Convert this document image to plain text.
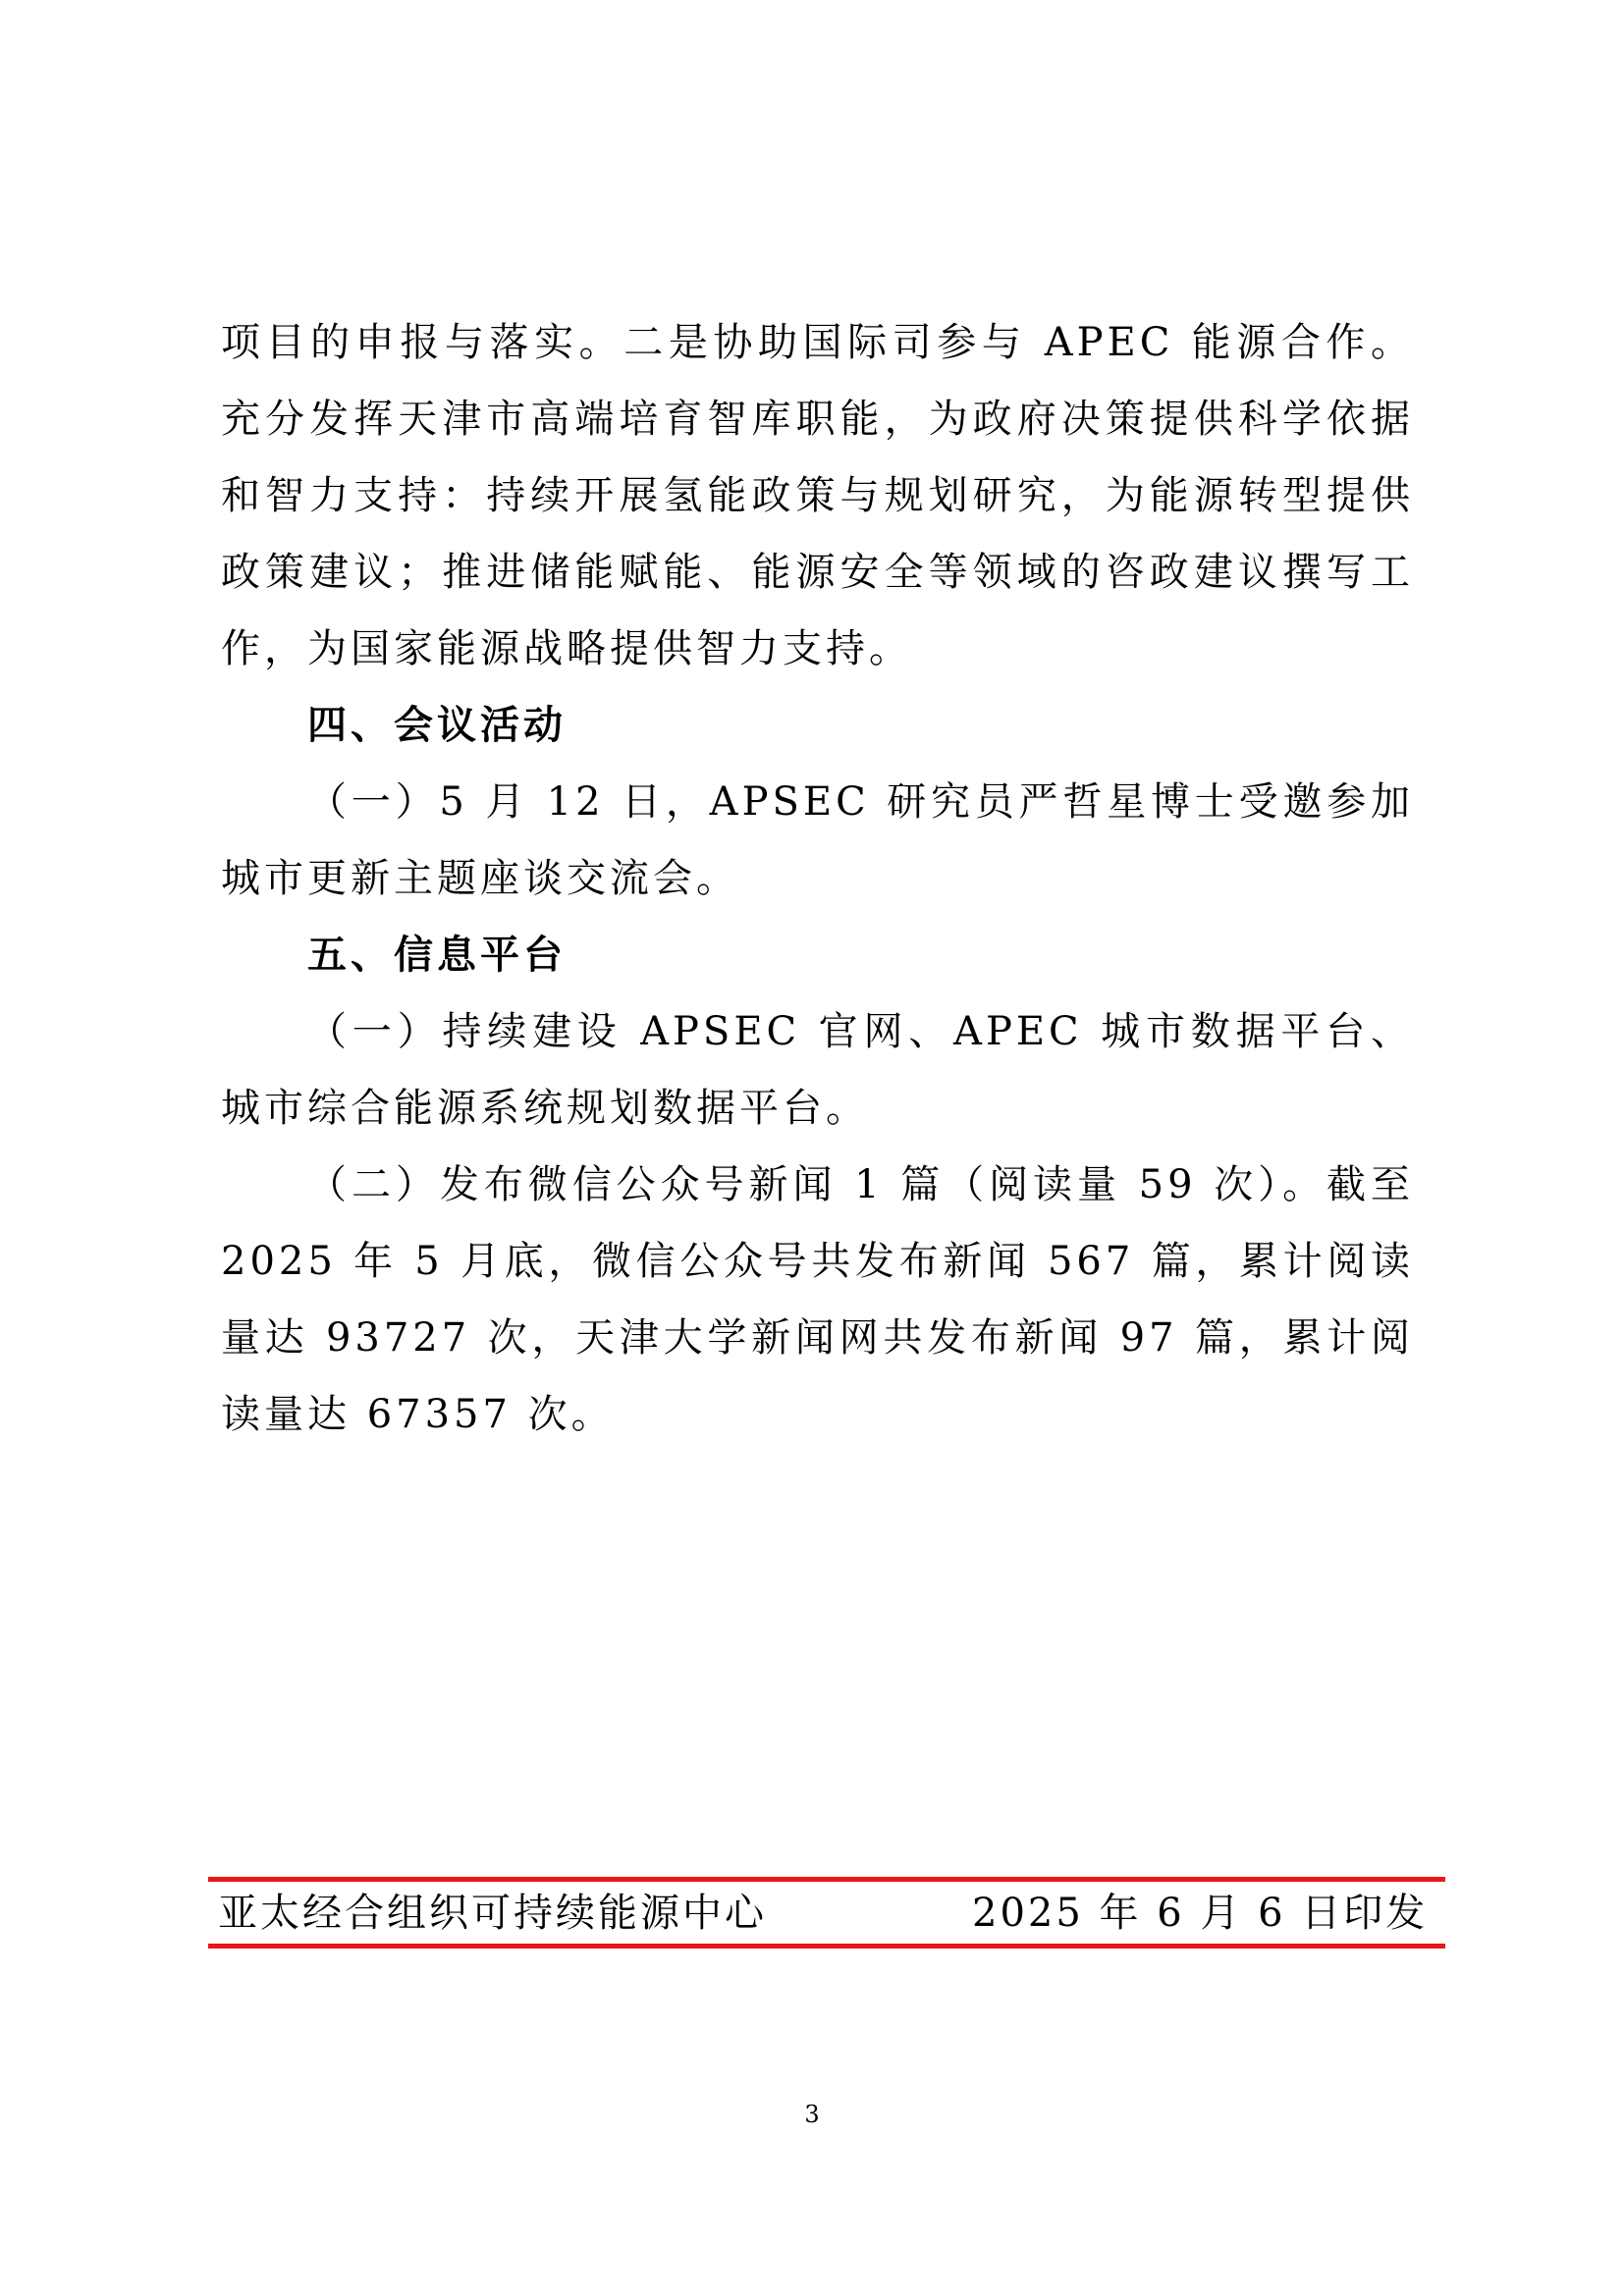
项目的申报与落实。二是协助国际司参与 APEC 能源合作。充分发挥天津市高端培育智库职能，为政府决策提供科学依据和智力支持：持续开展氢能政策与规划研究，为能源转型提供政策建议；推进储能赋能、能源安全等领域的咨政建议撰写工作，为国家能源战略提供智力支持。

四、会议活动

（一）5 月 12 日，APSEC 研究员严哲星博士受邀参加城市更新主题座谈交流会。

五、信息平台

（一）持续建设 APSEC 官网、APEC 城市数据平台、城市综合能源系统规划数据平台。

（二）发布微信公众号新闻 1 篇（阅读量 59 次）。截至 2025 年 5 月底，微信公众号共发布新闻 567 篇，累计阅读量达 93727 次，天津大学新闻网共发布新闻 97 篇，累计阅读量达 67357 次。

亚太经合组织可持续能源中心	2025 年 6 月 6 日印发
3
